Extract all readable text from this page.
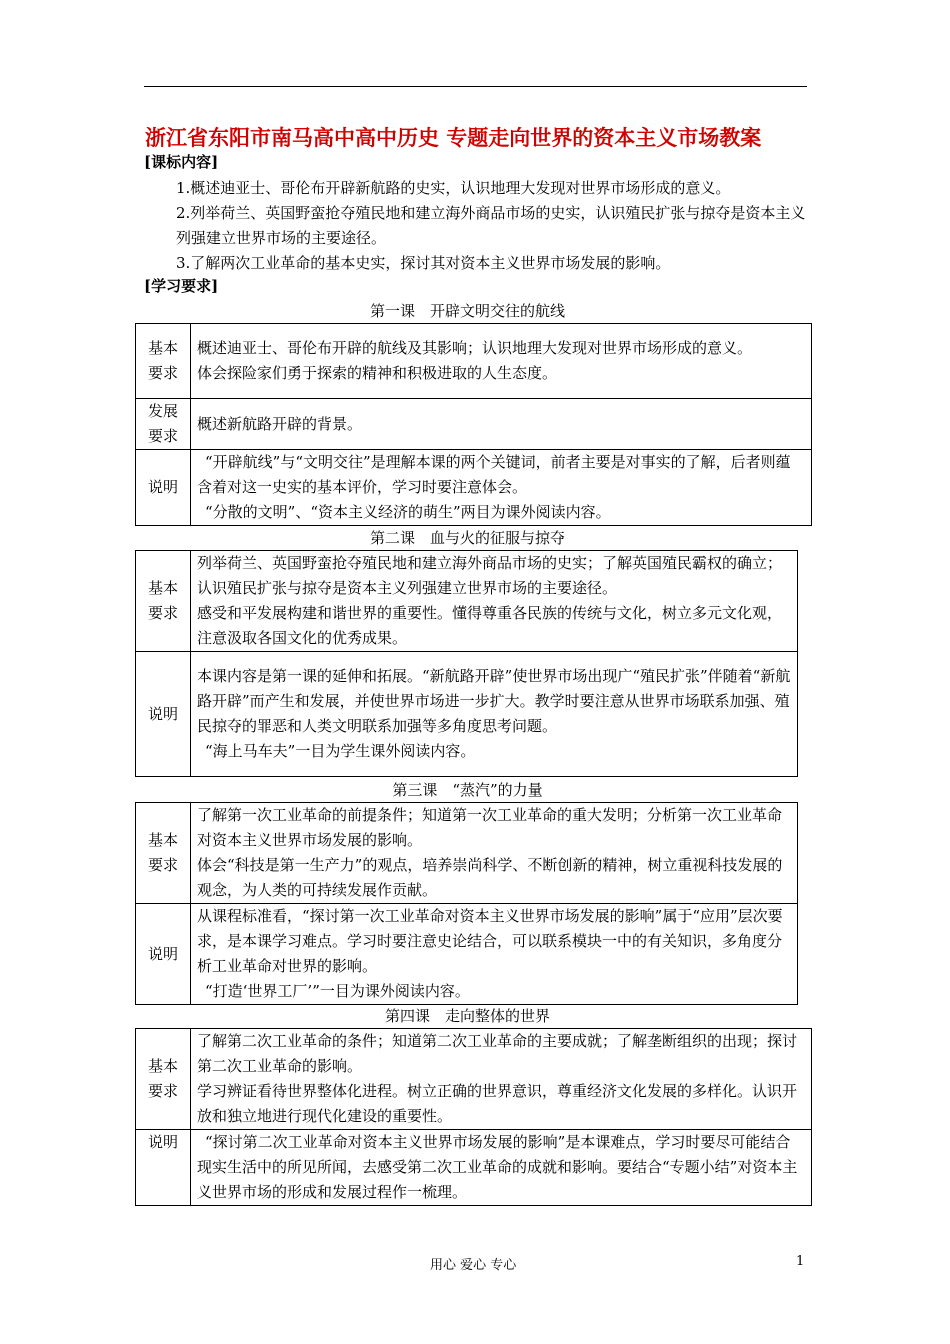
浙江省东阳市南马高中高中历史 专题走向世界的资本主义市场教案
[课标内容]
1.概述迪亚士、哥伦布开辟新航路的史实，认识地理大发现对世界市场形成的意义。
2.列举荷兰、英国野蛮抢夺殖民地和建立海外商品市场的史实，认识殖民扩张与掠夺是资本主义列强建立世界市场的主要途径。
3.了解两次工业革命的基本史实，探讨其对资本主义世界市场发展的影响。
[学习要求]
第一课　开辟文明交往的航线
基本要求	概述迪亚士、哥伦布开辟的航线及其影响；认识地理大发现对世界市场形成的意义。
体会探险家们勇于探索的精神和积极进取的人生态度。

发展要求	概述新航路开辟的背景。

说明	“开辟航线”与“文明交往”是理解本课的两个关键词，前者主要是对事实的了解，后者则蕴含着对这一史实的基本评价，学习时要注意体会。
“分散的文明”、“资本主义经济的萌生”两目为课外阅读内容。
第二课　血与火的征服与掠夺
基本要求	列举荷兰、英国野蛮抢夺殖民地和建立海外商品市场的史实；了解英国殖民霸权的确立；认识殖民扩张与掠夺是资本主义列强建立世界市场的主要途径。
感受和平发展构建和谐世界的重要性。懂得尊重各民族的传统与文化，树立多元文化观，注意汲取各国文化的优秀成果。

说明	本课内容是第一课的延伸和拓展。“新航路开辟”使世界市场出现广“殖民扩张”伴随着“新航路开辟”而产生和发展，并使世界市场进一步扩大。教学时要注意从世界市场联系加强、殖民掠夺的罪恶和人类文明联系加强等多角度思考问题。
“海上马车夫”一目为学生课外阅读内容。
第三课　“蒸汽”的力量
基本要求	了解第一次工业革命的前提条件；知道第一次工业革命的重大发明；分析第一次工业革命对资本主义世界市场发展的影响。
体会“科技是第一生产力”的观点，培养崇尚科学、不断创新的精神，树立重视科技发展的观念，为人类的可持续发展作贡献。

说明	从课程标准看，“探讨第一次工业革命对资本主义世界市场发展的影响”属于“应用”层次要求，是本课学习难点。学习时要注意史论结合，可以联系模块一中的有关知识，多角度分析工业革命对世界的影响。
“打造‘世界工厂’”一目为课外阅读内容。
第四课　走向整体的世界
基本要求	了解第二次工业革命的条件；知道第二次工业革命的主要成就；了解垄断组织的出现；探讨第二次工业革命的影响。
学习辨证看待世界整体化进程。树立正确的世界意识，尊重经济文化发展的多样化。认识开放和独立地进行现代化建设的重要性。

说明	“探讨第二次工业革命对资本主义世界市场发展的影响”是本课难点，学习时要尽可能结合现实生活中的所见所闻，去感受第二次工业革命的成就和影响。要结合“专题小结”对资本主义世界市场的形成和发展过程作一梳理。
用心 爱心 专心	1
